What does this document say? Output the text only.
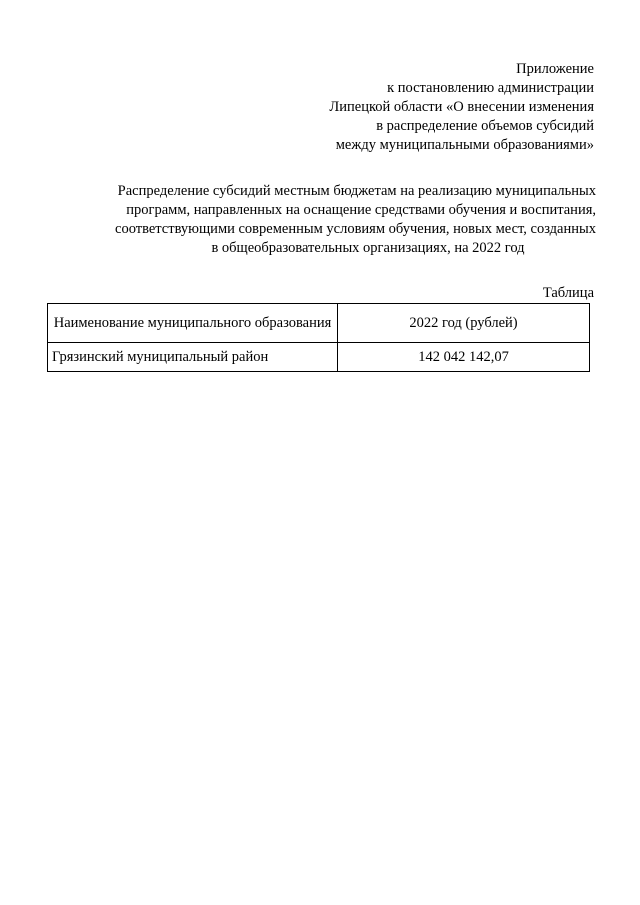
Приложение
к постановлению администрации
Липецкой области «О внесении изменения
в распределение объемов субсидий
между муниципальными образованиями»
Распределение субсидий местным бюджетам на реализацию муниципальных
программ, направленных на оснащение средствами обучения и воспитания,
соответствующими современным условиям обучения, новых мест, созданных
в общеобразовательных организациях, на 2022 год
Таблица
Наименование муниципального образования	2022 год (рублей)
Грязинский муниципальный район	142 042 142,07
